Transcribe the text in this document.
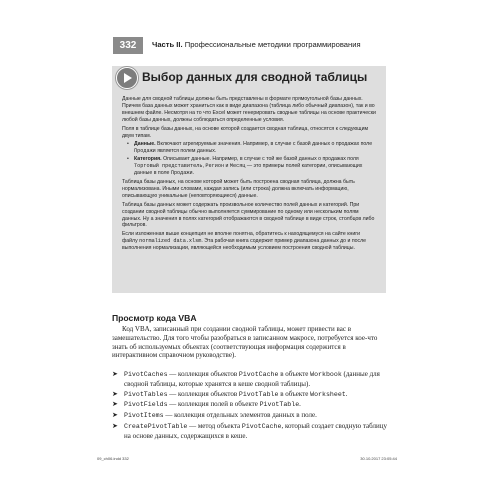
332	Часть II. Профессиональные методики программирования
Выбор данных для сводной таблицы

Данные для сводной таблицы должны быть представлены в формате прямоугольной базы данных. Причем база данных может храниться как в виде диапазона (таблица либо обычный диапазон), так и во внешнем файле. Несмотря на то что Excel может генерировать сводные таблицы на основе практически любой базы данных, должны соблюдаться определенные условия.

Поля в таблице базы данных, на основе которой создается сводная таблица, относятся к следующим двум типам.

• Данные. Включают агрегируемые значения. Например, в случае с базой данных о продажах поле Продажи является полем данных.
• Категория. Описывает данные. Например, в случае с той же базой данных о продажах поля Торговый представитель, Регион и Месяц — это примеры полей категории, описывающих данные в поле Продажи.

Таблица базы данных, на основе которой может быть построена сводная таблица, должна быть нормализована. Иными словами, каждая запись (или строка) должна включать информацию, описывающую уникальные (неповторяющиеся) данные.

Таблица базы данных может содержать произвольное количество полей данных и категорий. При создании сводной таблицы обычно выполняется суммирование по одному или нескольким полям данных. Ну а значения в полях категорий отображаются в сводной таблице в виде строк, столбцов либо фильтров.

Если изложенная выше концепция не вполне понятна, обратитесь к находящемуся на сайте книги файлу normalized data.xlsm. Эта рабочая книга содержит пример диапазона данных до и после выполнения нормализации, являющейся необходимым условием построения сводной таблицы.

Просмотр кода VBA

Код VBA, записанный при создании сводной таблицы, может привести вас в замешательство. Для того чтобы разобраться в записанном макросе, потребуется кое-что знать об используемых объектах (соответствующая информация содержится в интерактивном справочном руководстве).

➤ PivotCaches — коллекция объектов PivotCache в объекте Workbook (данные для сводной таблицы, которые хранятся в кеше сводной таблицы).
➤ PivotTables — коллекция объектов PivotTable в объекте Worksheet.
➤ PivotFields — коллекция полей в объекте PivotTable.
➤ PivotItems — коллекция отдельных элементов данных в поле.
➤ CreatePivotTable — метод объекта PivotCache, который создает сводную таблицу на основе данных, содержащихся в кеше.
09_ch06.indd 332	30.10.2017 23:05:44
